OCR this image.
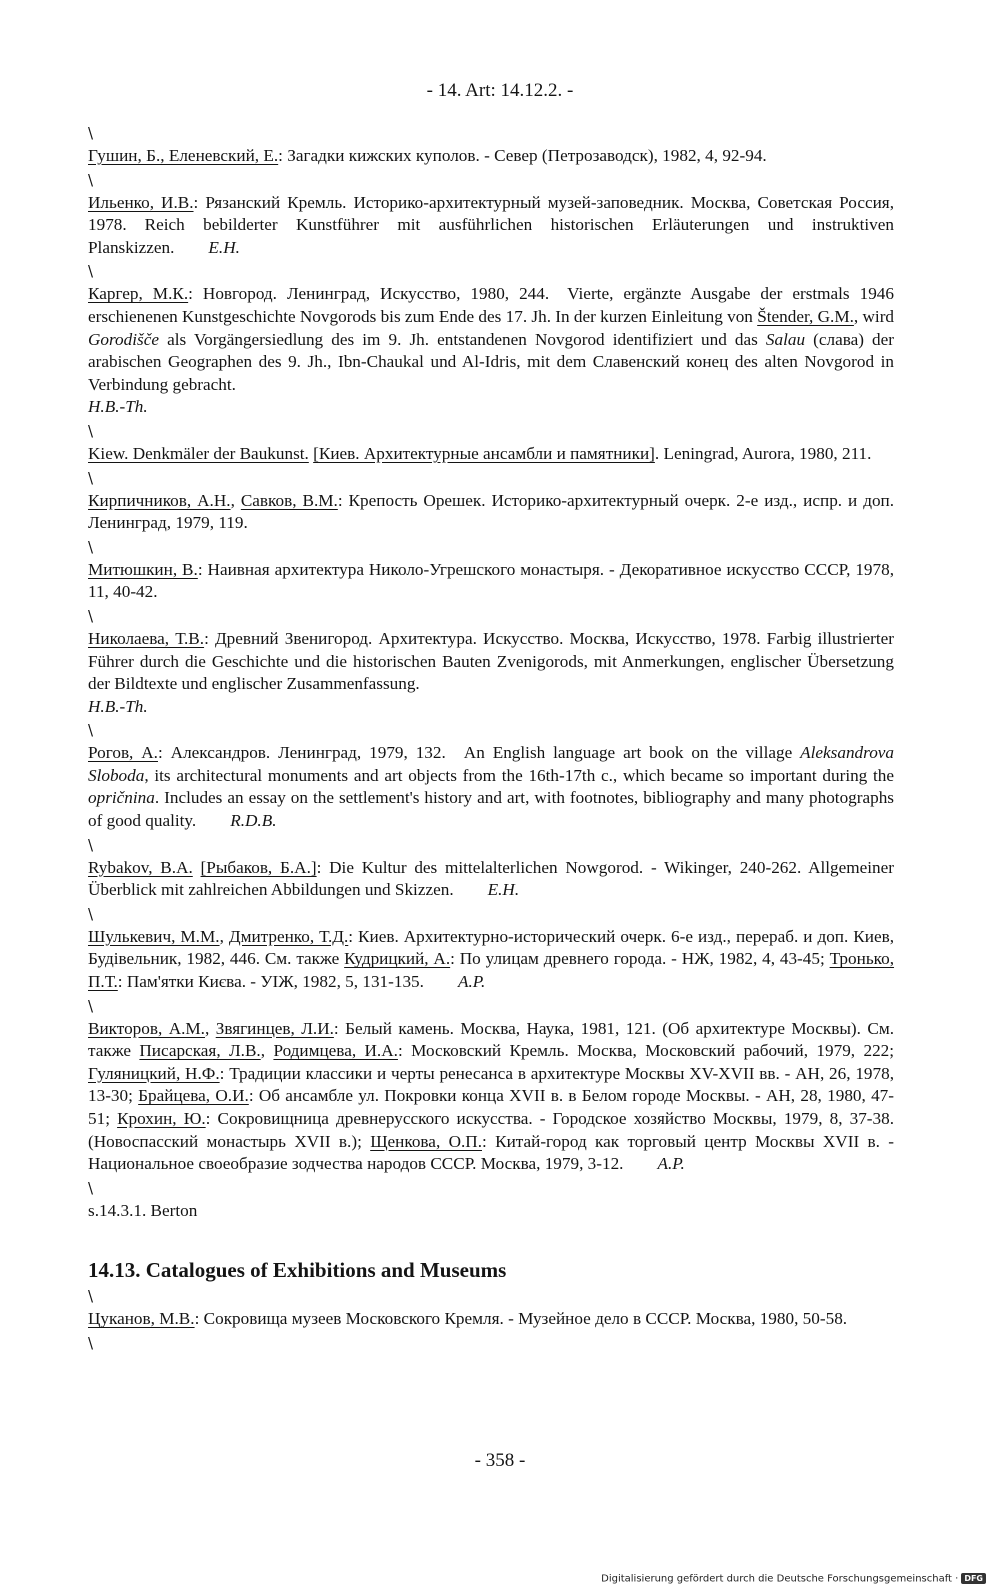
- 14. Art: 14.12.2. -
\

Гушин, Б., Еленевский, Е.: Загадки кижских куполов. - Север (Петрозаводск), 1982, 4, 92-94.

\

Ильенко, И.В.: Рязанский Кремль. Историко-архитектурный музей-заповедник. Москва, Советская Россия, 1978. Reich bebilderter Kunstführer mit ausführlichen historischen Erläuterungen und instruktiven Planskizzen. E.H.

\

Каргер, М.К.: Новгород. Ленинград, Искусство, 1980, 244. Vierte, ergänzte Ausgabe der erstmals 1946 erschienenen Kunstgeschichte Novgorods bis zum Ende des 17. Jh. In der kurzen Einleitung von Štender, G.M., wird Gorodišče als Vorgängersiedlung des im 9. Jh. entstandenen Novgorod identifiziert und das Salau (слава) der arabischen Geographen des 9. Jh., Ibn-Chaukal und Al-Idris, mit dem Славенский конец des alten Novgorod in Verbindung gebracht.
H.B.-Th.

\

Kiew. Denkmäler der Baukunst. [Киев. Архитектурные ансамбли и памятники]. Leningrad, Aurora, 1980, 211.

\

Кирпичников, А.Н., Савков, В.М.: Крепость Орешек. Историко-архитектурный очерк. 2-е изд., испр. и доп. Ленинград, 1979, 119.

\

Митюшкин, В.: Наивная архитектура Николо-Угрешского монастыря. - Декоративное искусство СССР, 1978, 11, 40-42.

\

Николаева, Т.В.: Древний Звенигород. Архитектура. Искусство. Москва, Искусство, 1978. Farbig illustrierter Führer durch die Geschichte und die historischen Bauten Zvenigorods, mit Anmerkungen, englischer Übersetzung der Bildtexte und englischer Zusammenfassung.
H.B.-Th.

\

Рогов, А.: Александров. Ленинград, 1979, 132. An English language art book on the village Aleksandrova Sloboda, its architectural monuments and art objects from the 16th-17th c., which became so important during the opričnina. Includes an essay on the settlement's history and art, with footnotes, bibliography and many photographs of good quality. R.D.B.

\

Rybakov, B.A. [Рыбаков, Б.А.]: Die Kultur des mittelalterlichen Nowgorod. - Wikinger, 240-262. Allgemeiner Überblick mit zahlreichen Abbildungen und Skizzen. E.H.

\

Шулькевич, М.М., Дмитренко, Т.Д.: Киев. Архитектурно-исторический очерк. 6-е изд., перераб. и доп. Киев, Будівельник, 1982, 446. См. также Кудрицкий, А.: По улицам древнего города. - НЖ, 1982, 4, 43-45; Тронько, П.Т.: Пам'ятки Києва. - УІЖ, 1982, 5, 131-135. A.P.

\

Викторов, А.М., Звягинцев, Л.И.: Белый камень. Москва, Наука, 1981, 121. (Об архитектуре Москвы). См. также Писарская, Л.В., Родимцева, И.А.: Московский Кремль. Москва, Московский рабочий, 1979, 222; Гуляницкий, Н.Ф.: Традиции классики и черты ренесанса в архитектуре Москвы XV-XVII вв. - АН, 26, 1978, 13-30; Брайцева, О.И.: Об ансамбле ул. Покровки конца XVII в. в Белом городе Москвы. - АН, 28, 1980, 47-51; Крохин, Ю.: Сокровищница древнерусского искусства. - Городское хозяйство Москвы, 1979, 8, 37-38. (Новоспасский монастырь XVII в.); Щенкова, О.П.: Китай-город как торговый центр Москвы XVII в. - Национальное своеобразие зодчества народов СССР. Москва, 1979, 3-12. A.P.

\

s.14.3.1. Berton

14.13. Catalogues of Exhibitions and Museums
\

Цуканов, М.В.: Сокровища музеев Московского Кремля. - Музейное дело в СССР. Москва, 1980, 50-58.

\
- 358 -
Digitalisierung gefördert durch die Deutsche Forschungsgemeinschaft · DFG
